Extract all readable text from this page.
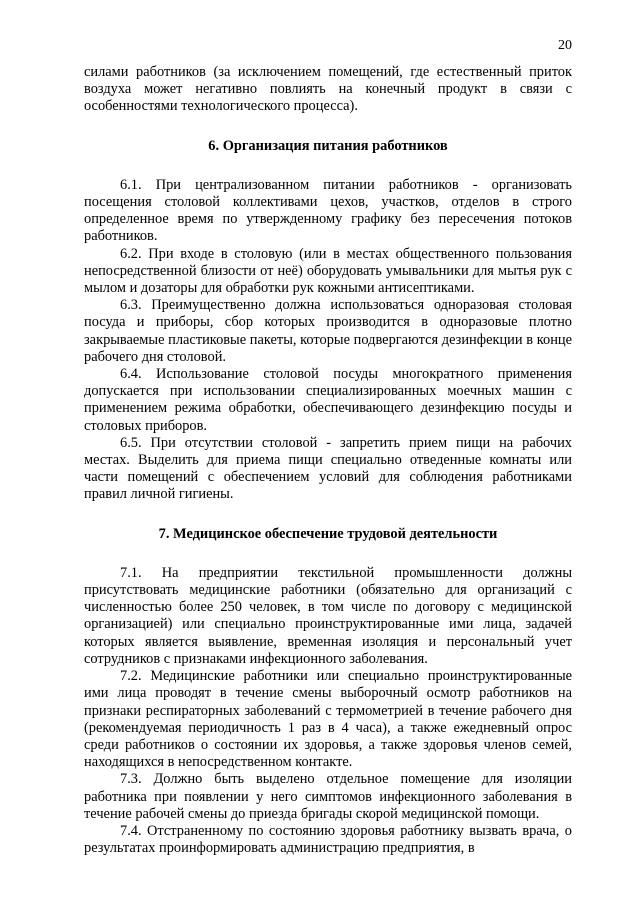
20

силами работников (за исключением помещений, где естественный приток воздуха может негативно повлиять на конечный продукт в связи с особенностями технологического процесса).

6. Организация питания работников

6.1. При централизованном питании работников - организовать посещения столовой коллективами цехов, участков, отделов в строго определенное время по утвержденному графику без пересечения потоков работников.

6.2. При входе в столовую (или в местах общественного пользования непосредственной близости от неё) оборудовать умывальники для мытья рук с мылом и дозаторы для обработки рук кожными антисептиками.

6.3. Преимущественно должна использоваться одноразовая столовая посуда и приборы, сбор которых производится в одноразовые плотно закрываемые пластиковые пакеты, которые подвергаются дезинфекции в конце рабочего дня столовой.

6.4. Использование столовой посуды многократного применения допускается при использовании специализированных моечных машин с применением режима обработки, обеспечивающего дезинфекцию посуды и столовых приборов.

6.5. При отсутствии столовой - запретить прием пищи на рабочих местах. Выделить для приема пищи специально отведенные комнаты или части помещений с обеспечением условий для соблюдения работниками правил личной гигиены.

7. Медицинское обеспечение трудовой деятельности

7.1. На предприятии текстильной промышленности должны присутствовать медицинские работники (обязательно для организаций с численностью более 250 человек, в том числе по договору с медицинской организацией) или специально проинструктированные ими лица, задачей которых является выявление, временная изоляция и персональный учет сотрудников с признаками инфекционного заболевания.

7.2. Медицинские работники или специально проинструктированные ими лица проводят в течение смены выборочный осмотр работников на признаки респираторных заболеваний с термометрией в течение рабочего дня (рекомендуемая периодичность 1 раз в 4 часа), а также ежедневный опрос среди работников о состоянии их здоровья, а также здоровья членов семей, находящихся в непосредственном контакте.

7.3. Должно быть выделено отдельное помещение для изоляции работника при появлении у него симптомов инфекционного заболевания в течение рабочей смены до приезда бригады скорой медицинской помощи.

7.4. Отстраненному по состоянию здоровья работнику вызвать врача, о результатах проинформировать администрацию предприятия, в
